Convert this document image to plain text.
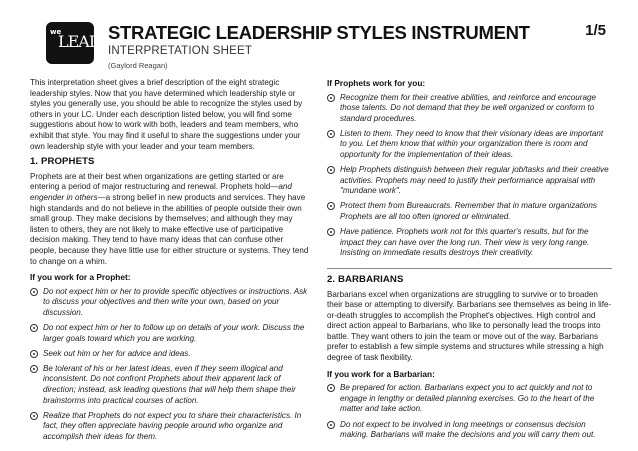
we
LEAD STRATEGIC LEADERSHIP STYLES INSTRUMENT
INTERPRETATION SHEET
(Gaylord Reagan)
1/5

This interpretation sheet gives a brief description of the eight strategic leadership styles. Now that you have determined which leadership style or styles you generally use, you should be able to recognize the styles used by others in your LC. Under each description listed below, you will find some suggestions about how to work with both, leaders and team members, who exhibit that style. You may find it useful to share the suggestions under your own leadership style with your leader and your team members.

1. PROPHETS

Prophets are at their best when organizations are getting started or are entering a period of major restructuring and renewal. Prophets hold—and engender in others—a strong belief in new products and services. They have high standards and do not believe in the abilities of people outside their own small group. They make decisions by themselves; and although they may listen to others, they are not likely to make effective use of participative decision making. They tend to have many ideas that can confuse other people, because they have little use for either structure or systems. They tend to change on a whim.

If you work for a Prophet:
Do not expect him or her to provide specific objectives or instructions. Ask to discuss your objectives and then write your own, based on your discussion.
Do not expect him or her to follow up on details of your work. Discuss the larger goals toward which you are working.
Seek out him or her for advice and ideas.
Be tolerant of his or her latest ideas, even if they seem illogical and inconsistent. Do not confront Prophets about their apparent lack of direction; instead, ask leading questions that will help them shape their brainstorms into practical courses of action.
Realize that Prophets do not expect you to share their characteristics. In fact, they often appreciate having people around who organize and accomplish their ideas for them.
If Prophets work for you:
Recognize them for their creative abilities, and reinforce and encourage those talents. Do not demand that they be well organized or conform to standard procedures.
Listen to them. They need to know that their visionary ideas are important to you. Let them know that within your organization there is room and opportunity for the implementation of their ideas.
Help Prophets distinguish between their regular job/tasks and their creative activities. Prophets may need to justify their performance appraisal with "mundane work".
Protect them from Bureaucrats. Remember that in mature organizations Prophets are all too often ignored or eliminated.
Have patience. Prophets work not for this quarter's results, but for the impact they can have over the long run. Their view is very long range. Insisting on immediate results destroys their creativity.
2. BARBARIANS

Barbarians excel when organizations are struggling to survive or to broaden their base or attempting to diversify. Barbarians see themselves as being in life-or-death struggles to accomplish the Prophet's objectives. High control and direct action appeal to Barbarians, who like to personally lead the troops into battle. They want others to join the team or move out of the way. Barbarians prefer to establish a few simple systems and structures while stressing a high degree of task flexibility.

If you work for a Barbarian:
Be prepared for action. Barbarians expect you to act quickly and not to engage in lengthy or detailed planning exercises. Go to the heart of the matter and take action.
Do not expect to be involved in long meetings or consensus decision making. Barbarians will make the decisions and you will carry them out.
